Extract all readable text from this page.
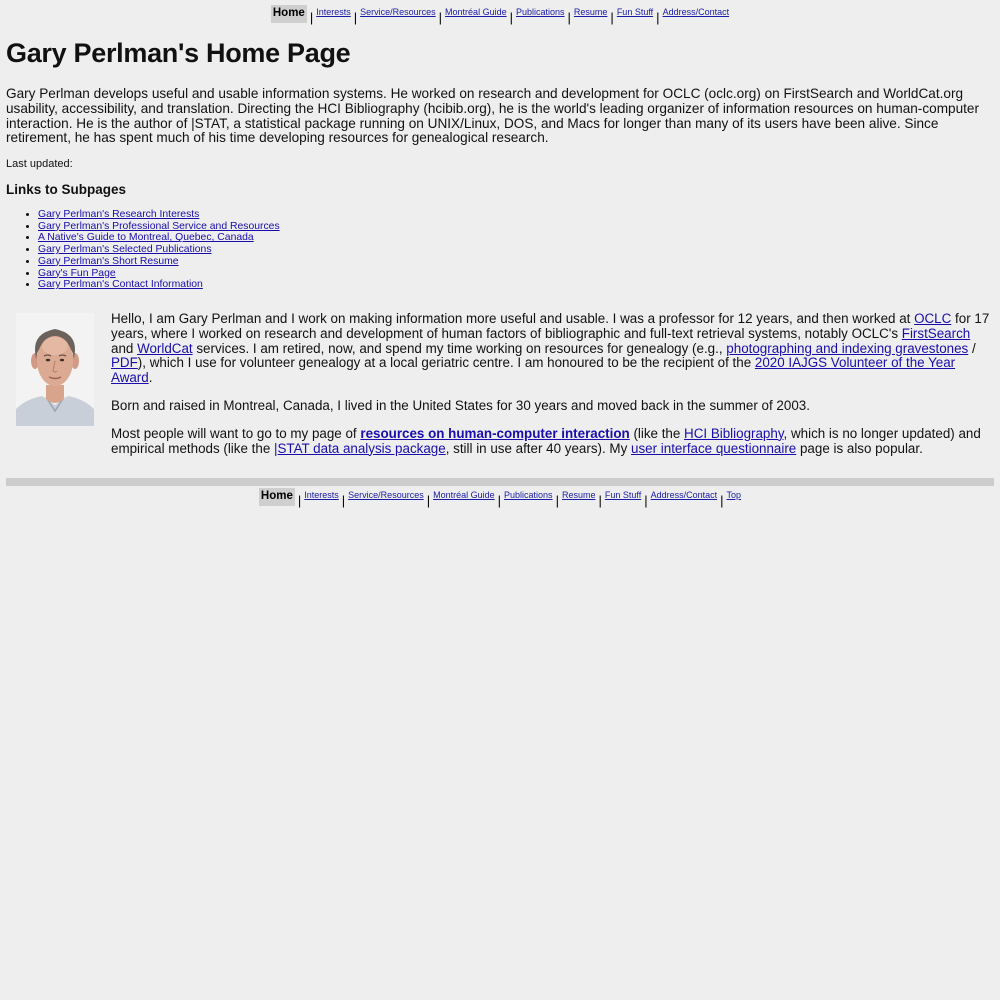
Home | Interests | Service/Resources | Montréal Guide | Publications | Resume | Fun Stuff | Address/Contact
Gary Perlman's Home Page

Gary Perlman develops useful and usable information systems. He worked on research and development for OCLC (oclc.org) on FirstSearch and WorldCat.org usability, accessibility, and translation. Directing the HCI Bibliography (hcibib.org), he is the world's leading organizer of information resources on human-computer interaction. He is the author of |STAT, a statistical package running on UNIX/Linux, DOS, and Macs for longer than many of its users have been alive. Since retirement, he has spent much of his time developing resources for genealogical research.

Last updated:

Links to Subpages
• Gary Perlman's Research Interests
• Gary Perlman's Professional Service and Resources
• A Native's Guide to Montreal, Quebec, Canada
• Gary Perlman's Selected Publications
• Gary Perlman's Short Resume
• Gary's Fun Page
• Gary Perlman's Contact Information

Hello, I am Gary Perlman and I work on making information more useful and usable. I was a professor for 12 years, and then worked at OCLC for 17 years, where I worked on research and development of human factors of bibliographic and full-text retrieval systems, notably OCLC's FirstSearch and WorldCat services. I am retired, now, and spend my time working on resources for genealogy (e.g., photographing and indexing gravestones / PDF), which I use for volunteer genealogy at a local geriatric centre. I am honoured to be the recipient of the 2020 IAJGS Volunteer of the Year Award.

Born and raised in Montreal, Canada, I lived in the United States for 30 years and moved back in the summer of 2003.

Most people will want to go to my page of resources on human-computer interaction (like the HCI Bibliography, which is no longer updated) and empirical methods (like the |STAT data analysis package, still in use after 40 years). My user interface questionnaire page is also popular.

Home | Interests | Service/Resources | Montréal Guide | Publications | Resume | Fun Stuff | Address/Contact | Top
